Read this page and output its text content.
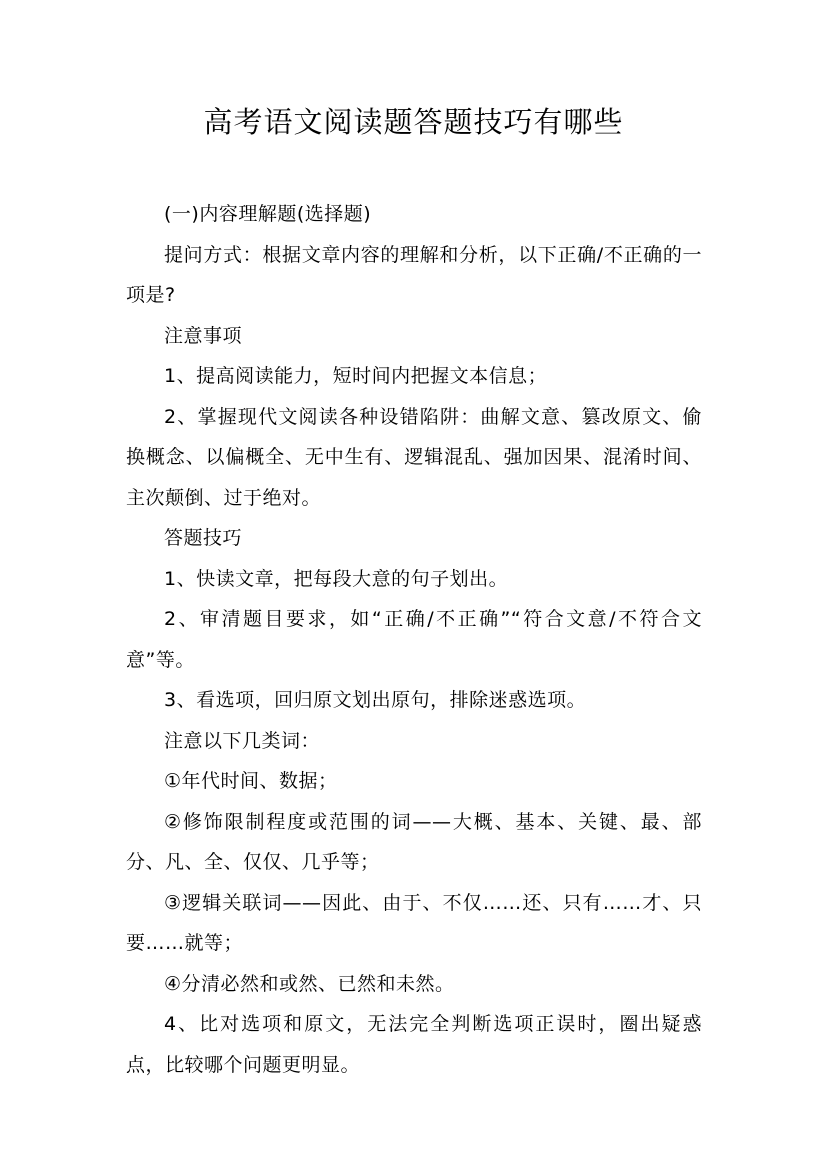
高考语文阅读题答题技巧有哪些

(一)内容理解题(选择题)

提问方式：根据文章内容的理解和分析，以下正确/不正确的一项是?

注意事项

1、提高阅读能力，短时间内把握文本信息；

2、掌握现代文阅读各种设错陷阱：曲解文意、篡改原文、偷换概念、以偏概全、无中生有、逻辑混乱、强加因果、混淆时间、主次颠倒、过于绝对。

答题技巧

1、快读文章，把每段大意的句子划出。

2、审清题目要求，如“正确/不正确”“符合文意/不符合文意”等。

3、看选项，回归原文划出原句，排除迷惑选项。

注意以下几类词：

①年代时间、数据；

②修饰限制程度或范围的词——大概、基本、关键、最、部分、凡、全、仅仅、几乎等；

③逻辑关联词——因此、由于、不仅……还、只有……才、只要……就等；

④分清必然和或然、已然和未然。

4、比对选项和原文，无法完全判断选项正误时，圈出疑惑点，比较哪个问题更明显。
